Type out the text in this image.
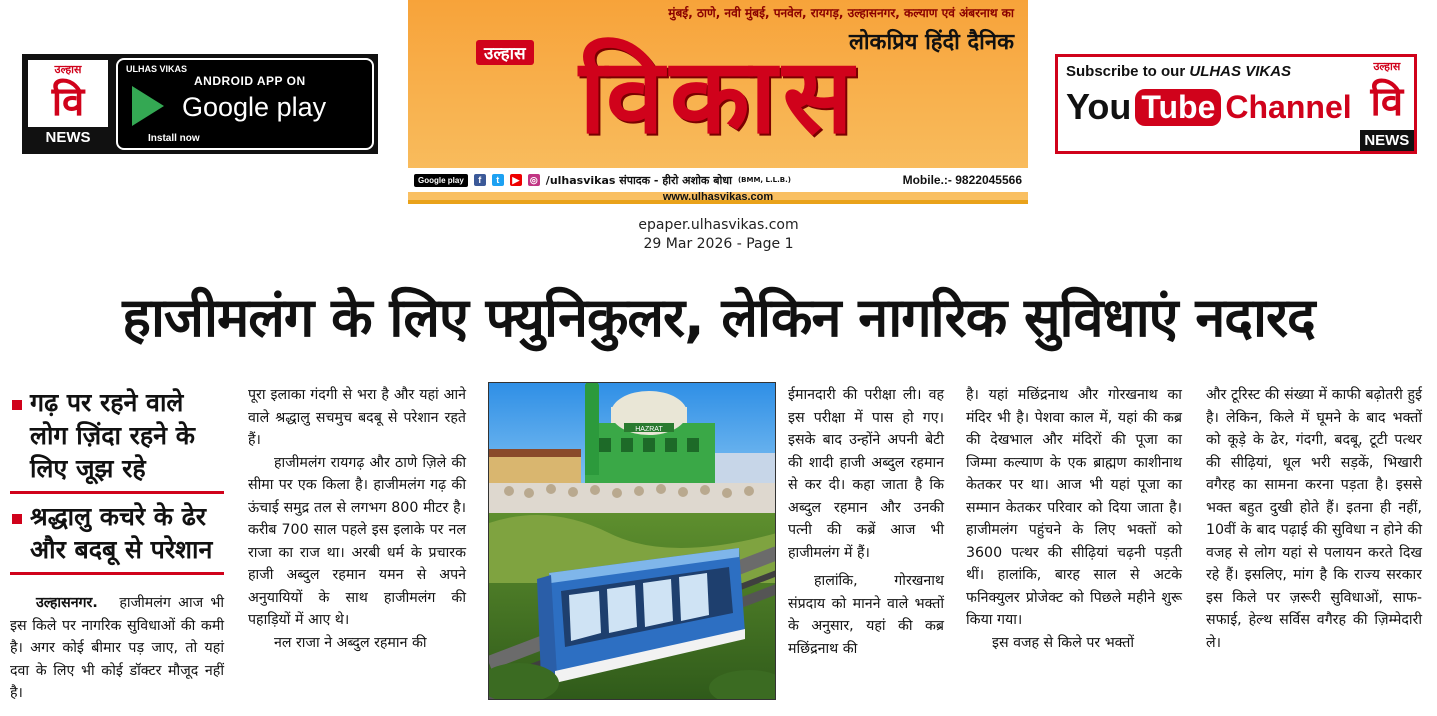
उल्हास
वि
NEWS
ULHAS VIKAS
ANDROID APP ON
Google play
Install now
मुंबई, ठाणे, नवी मुंबई, पनवेल, रायगड़, उल्हासनगर, कल्याण एवं अंबरनाथ का
लोकप्रिय हिंदी दैनिक
विकास
उल्हास
Google play	f	t	▶ ◎ /ulhasvikas संपादक - हीरो अशोक बोधा (BMM, L.L.B.)	Mobile.:- 9822045566
www.ulhasvikas.com
Subscribe to our ULHAS VIKAS
You Tube Channel
उल्हास
वि
NEWS
epaper.ulhasvikas.com
29 Mar 2026 - Page 1
हाजीमलंग के लिए फ्युनिकुलर, लेकिन नागरिक सुविधाएं नदारद
गढ़ पर रहने वाले लोग ज़िंदा रहने के लिए जूझ रहे
श्रद्धालु कचरे के ढेर और बदबू से परेशान

उल्हासनगर. हाजीमलंग आज भी इस किले पर नागरिक सुविधाओं की कमी है। अगर कोई बीमार पड़ जाए, तो यहां दवा के लिए भी कोई डॉक्टर मौजूद नहीं है।

पूरा इलाका गंदगी से भरा है और यहां आने वाले श्रद्धालु सचमुच बदबू से परेशान रहते हैं।

हाजीमलंग रायगढ़ और ठाणे ज़िले की सीमा पर एक किला है। हाजीमलंग गढ़ की ऊंचाई समुद्र तल से लगभग 800 मीटर है। करीब 700 साल पहले इस इलाके पर नल राजा का राज था। अरबी धर्म के प्रचारक हाजी अब्दुल रहमान यमन से अपने अनुयायियों के साथ हाजीमलंग की पहाड़ियों में आए थे।

नल राजा ने अब्दुल रहमान की

HAZRAT

ईमानदारी की परीक्षा ली। वह इस परीक्षा में पास हो गए। इसके बाद उन्होंने अपनी बेटी की शादी हाजी अब्दुल रहमान से कर दी। कहा जाता है कि अब्दुल रहमान और उनकी पत्नी की कब्रें आज भी हाजीमलंग में हैं।

हालांकि, गोरखनाथ संप्रदाय को मानने वाले भक्तों के अनुसार, यहां की कब्र मछिंद्रनाथ की

है। यहां मछिंद्रनाथ और गोरखनाथ का मंदिर भी है। पेशवा काल में, यहां की कब्र की देखभाल और मंदिरों की पूजा का जिम्मा कल्याण के एक ब्राह्मण काशीनाथ केतकर पर था। आज भी यहां पूजा का सम्मान केतकर परिवार को दिया जाता है। हाजीमलंग पहुंचने के लिए भक्तों को 3600 पत्थर की सीढ़ियां चढ़नी पड़ती थीं। हालांकि, बारह साल से अटके फनिक्युलर प्रोजेक्ट को पिछले महीने शुरू किया गया।

इस वजह से किले पर भक्तों

और टूरिस्ट की संख्या में काफी बढ़ोतरी हुई है। लेकिन, किले में घूमने के बाद भक्तों को कूड़े के ढेर, गंदगी, बदबू, टूटी पत्थर की सीढ़ियां, धूल भरी सड़कें, भिखारी वगैरह का सामना करना पड़ता है। इससे भक्त बहुत दुखी होते हैं। इतना ही नहीं, 10वीं के बाद पढ़ाई की सुविधा न होने की वजह से लोग यहां से पलायन करते दिख रहे हैं। इसलिए, मांग है कि राज्य सरकार इस किले पर ज़रूरी सुविधाओं, साफ-सफाई, हेल्थ सर्विस वगैरह की ज़िम्मेदारी ले।
